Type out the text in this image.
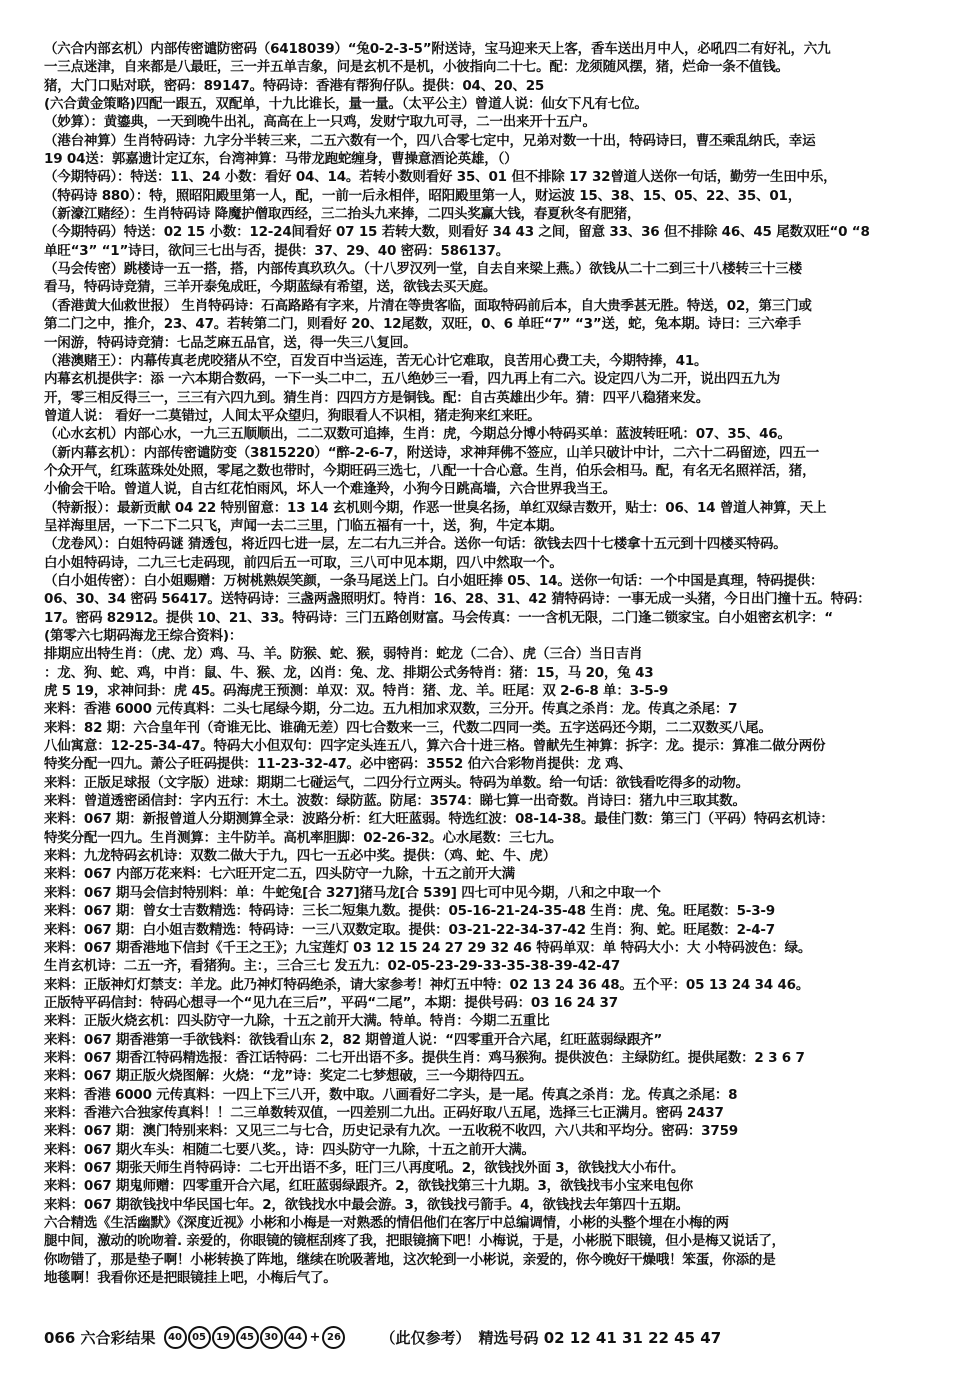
（六合内部玄机）内部传密谴防密码（6418039）“兔0-2-3-5”附送诗，宝马迎来天上客，香车送出月中人，必吼四二有好礼，六九
一三点迷津，自来都是八最旺，三一并五单吉象，问是玄机不是机，小彼指向二十七。配：龙须随风摆，猪，烂命一条不值钱。
猪，大门口贴对联，密码：89147。特码诗：香港有帮狗仔队。提供：04、20、25
(六合黄金策略)四配一跟五，双配单，十九比谁长，量一量。（太平公主）曾道人说：仙女下凡有七位。
（妙算）：黄鎏典，一天到晚牛出礼，高高在上一只鸡，发财宁取九可寻，二一出来开十五户。
（港台神算）生肖特码诗：九字分半转三来，二五六数有一个，四八合零七定中，兄弟对数一十出，特码诗曰，曹丕乘乱纳氏，幸运
19 04送：郭嘉遗计定辽东，台湾神算：马带龙跑蛇缠身，曹操意酒论英雄，（）
（今期特码）：特送：11、24 小数：看好 04、14。若转小数则看好 35、01 但不排除 17 32曾道人送你一句话，勤劳一生田中乐，
（特码诗 880）：特，照昭阳殿里第一人，配，一前一后永相伴，昭阳殿里第一人，财运波 15、38、15、05、22、35、01，
（新濠江赌经）：生肖特码诗 降魔护僧取西经，三二抬头九来捧，二四头奖赢大钱，春夏秋冬有肥猪，
（今期特码）特送：02 15 小数：12-24间看好 07 15 若转大数，则看好 34 43 之间，留意 33、36 但不排除 46、45 尾数双旺“0 “8
单旺“3” “1”诗曰，欲问三七出与否，提供：37、29、40 密码：586137。
（马会传密）跳楼诗一五一搭，搭，内部传真玖玖久。（十八罗汉列一堂，自去自来梁上燕。）欲钱从二十二到三十八楼转三十三楼
看马，特码诗竞猜，三羊开泰兔成旺，今期蓝绿有希望，送，欲钱去买天庭。
（香港黄大仙救世报） 生肖特码诗：石高路路有字来，片清在等贵客临，面取特码前后本，自大贵季甚无胜。特送，02，第三门或
第二门之中，推介，23、47。若转第二门，则看好 20、12尾数，双旺，0、6 单旺“7” “3”送，蛇，兔本期。诗曰：三六牵手
一闲游，特码诗竞猜：七品芝麻五品官，送，得一失三八复回。
（港澳赌王）：内幕传真老虎咬猪从不空，百发百中当运连，苦无心计它难取，良苦用心费工夫，今期特捧，41。
内幕玄机提供字：添 一六本期合数码，一下一头二中二，五八绝妙三一看，四九再上有二六。设定四八为二开，说出四五九为
开，零三相反得三一，三三有六四九到。猜生肖：四四方方是铜钱。配：自古英雄出少年。猜：四平八稳猪来发。
曾道人说： 看好一二莫错过，人间太平众望归，狗眼看人不识相，猪走狗来红来旺。
（心水玄机）内部心水，一九三五顺顺出，二二双数可追捧，生肖：虎，今期总分博小特码买单：蓝波转旺吼：07、35、46。
（新内幕玄机）：内部传密谴防变（3815220）“醉-2-6-7，附送诗，求神拜佛不签应，山羊只破计中计，二六十二码留迹，四五一
个众开气，红珠蓝珠处处照，零尾之数也带时，今期旺码三选七，八配一十合心意。生肖，伯乐会相马。配，有名无名照祥活，猪，
小偷会干哈。曾道人说，自古红花怕雨风，坏人一个难逢羚，小狗今日跳高墙，六合世界我当王。
（特新报）：最新贡献 04 22 特别留意：13 14 玄机则今期，作恶一世臭名扬，单红双绿吉数开，贴士：06、14 曾道人神算，天上
呈祥海里居，一下二下二只飞，声闻一去二三里，门临五福有一十，送，狗，牛定本期。
（龙卷风）：白姐特码谜 猜透包，将近四七进一层，左二右九三并合。送你一句话：欲钱去四十七楼拿十五元到十四楼买特码。
白小姐特码诗，二九三七走码现，前四后五一可取，三八可中见本期，四八中然取一个。
（白小姐传密）：白小姐赐赠：万树桃熟娱笑颜，一条马尾送上门。白小姐旺捧 05、14。送你一句话：一个中国是真理，特码提供：
06、30、34 密码 56417。送特码诗：三盏两盏照明灯。特肖：16、28、31、42 猜特码诗：一事无成一头猪，今日出门撞十五。特码：
17。密码 82912。提供 10、21、33。特码诗：三门五路创财富。马会传真：一一含机无限，二门逢二锁家宝。白小姐密玄机字：“
(第零六七期码海龙王综合资料)：
排期应出特生肖：（虎、龙）鸡、马、羊。防猴、蛇、猴，弱特肖：蛇龙（二合）、虎（三合）当日吉肖
：龙、狗、蛇、鸡，中肖：鼠、牛、猴、龙，凶肖：兔、龙、排期公式务特肖：猪：15，马 20，兔 43
虎 5 19，求神问卦：虎 45。码海虎王预测：单双：双。特肖：猪、龙、羊。旺尾：双 2-6-8 单：3-5-9
来料：香港 6000 元传真料：二头七尾绿今期，分二边。五九相加求双数，三分开。传真之杀肖：龙。传真之杀尾：7
来料：82 期：六合皇年刊（奇谁无比、谁确无差）四七合数来一三，代数二四同一类。五字送码还今期，二二双数买八尾。
八仙寓意：12-25-34-47。特码大小但双句：四字定头连五八，算六合十进三格。曾献先生神算：拆字：龙。提示：算准二做分两份
特奖分配一四九。萧公子旺码提供：11-23-32-47。必中密码：3552 伯六合彩物肖提供：龙 鸡、
来料：正版足球报（文字版）进球：期期二七碰运气，二四分行立两头。特码为单数。给一句话：欲钱看吃得多的动物。
来料：曾道透密函信封：字内五行：木土。波数：绿防蓝。防尾：3574：睇七算一出奇数。肖诗曰：猪九中三取其数。
来料：067 期：新报曾道人分期测算全录：波路分析：红大旺蓝弱。特选红波：08-14-38。最佳门数：第三门（平码）特码玄机诗：
特奖分配一四九。生肖测算：主牛防羊。高机率胆脚：02-26-32。心水尾数：三七九。
来料：九龙特码玄机诗：双数二做大于九，四七一五必中奖。提供：（鸡、蛇、牛、虎）
来料：067 内部万花来料：七六旺开定二五，四头防守一九除，十五之前开大满
来料：067 期马会信封特别料：单：牛蛇兔[合 327]猪马龙[合 539] 四七可中见今期，八和之中取一个
来料：067 期：曾女士吉数精选：特码诗：三长二短集九数。提供：05-16-21-24-35-48 生肖：虎、兔。旺尾数：5-3-9
来料：067 期：白小姐吉数精选：特码诗：一三八双数定取。提供：03-21-22-34-37-42 生肖：狗、蛇。旺尾数：2-4-7
来料：067 期香港地下信封《千王之王》；九宝莲灯 03 12 15 24 27 29 32 46 特码单双：单 特码大小：大 小特码波色：绿。
生肖玄机诗：二五一齐，看猪狗。主：，三合三七 发五九：02-05-23-29-33-35-38-39-42-47
来料：正版神灯灯禁支：羊龙。此乃神灯特码绝杀，请大家参考！神灯五中特：02 13 24 36 48。五个平：05 13 24 34 46。
正版特平码信封：特码心想寻一个“见九在三后”，平码“二尾”，本期：提供号码：03 16 24 37
来料：正版火烧玄机：四头防守一九除，十五之前开大满。特单。特肖：今期二五重比
来料：067 期香港第一手欲钱料：欲钱看山东 2，82 期曾道人说：“四零重开合六尾，红旺蓝弱绿跟齐”
来料：067 期香江特码精选报：香江话特码：二七开出语不多。提供生肖：鸡马猴狗。提供波色：主绿防红。提供尾数：2 3 6 7
来料：067 期正版火烧图解：火烧：“龙”诗：奖定二七梦想破，三一今期待四五。
来料：香港 6000 元传真料：一四上下三八开，数中取。八画看好二字头，是一尾。传真之杀肖：龙。传真之杀尾：8
来料：香港六合独家传真料！！二三单数转双值，一四差别二九出。正码好取八五尾，选择三七正满月。密码 2437
来料：067 期：澳门特别来料：又见三二与七合，历史记录有九次。一五收税不收四，六八共和平均分。密码：3759
来料：067 期火车头：相随二七要八奖。，诗：四头防守一九除，十五之前开大满。
来料：067 期张天师生肖特码诗：二七开出语不多，旺门三八再度吼。2，欲钱找外面 3，欲钱找大小布什。
来料：067 期鬼师赠：四零重开合六尾，红旺蓝弱绿跟齐。2，欲钱找第三十九期。3，欲钱找韦小宝来电包你
来料：067 期欲钱找中华民国七年。2，欲钱找水中最会游。3，欲钱找弓箭手。4，欲钱找去年第四十五期。
六合精选《生活幽默》《深度近视》小彬和小梅是一对熟悉的情侣他们在客厅中总编调情，小彬的头整个埋在小梅的两
腿中间，激动的吮吻着. 亲爱的，你眼镜的镜框刮疼了我，把眼镜摘下吧！小梅说，于是，小彬脱下眼镜，但小是梅又说话了，
你吻错了，那是垫子啊！小彬转换了阵地，继续在吮吸著地，这次轮到一小彬说，亲爱的，你今晚好干燥哦！笨蛋，你添的是
地毯啊！我看你还是把眼镜挂上吧，小梅后气了。
066 六合彩结果	40	05	19	45	30	44 + 26	（此仅参考） 精选号码 02 12 41 31 22 45 47
